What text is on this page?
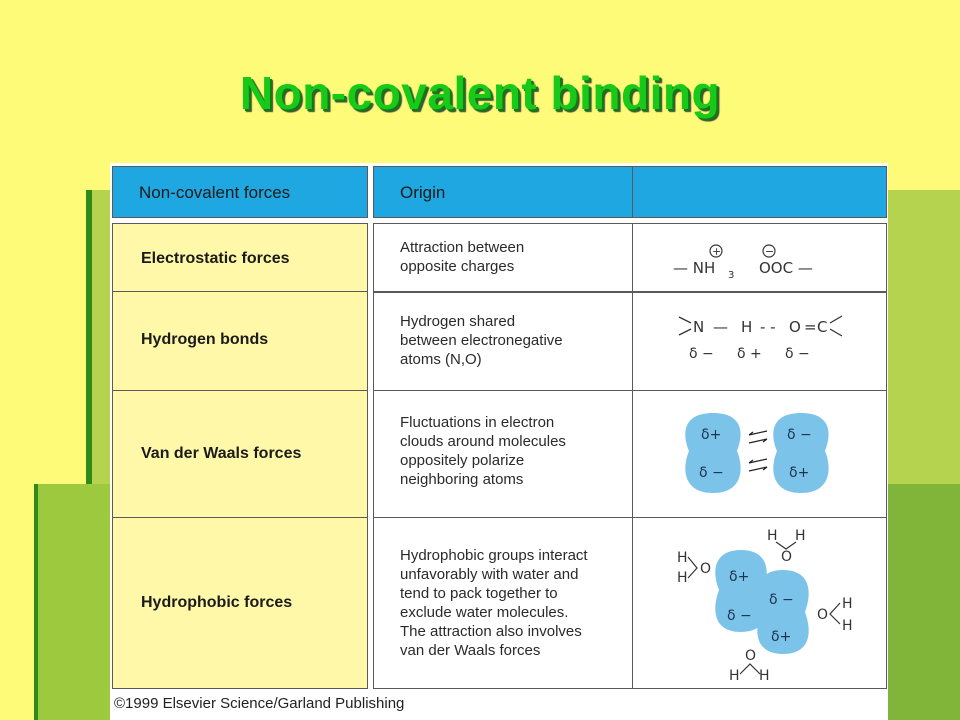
Non-covalent binding
Non-covalent forces	Origin
Electrostatic forces
Attraction between
opposite charges
+	−
— NH 3 OOC —
Hydrogen bonds
Hydrogen shared
between electronegative
atoms (N,O)
N — H - - O = C
δ − δ + δ −
Van der Waals forces
Fluctuations in electron
clouds around molecules
oppositely polarize
neighboring atoms
δ+
δ −
δ −
δ+
Hydrophobic forces
Hydrophobic groups interact
unfavorably with water and
tend to pack together to
exclude water molecules.
The attraction also involves
van der Waals forces
δ+
δ −
δ −
δ+
H
H
O
H H
O
O
H
H
O
H H
©1999 Elsevier Science/Garland Publishing
